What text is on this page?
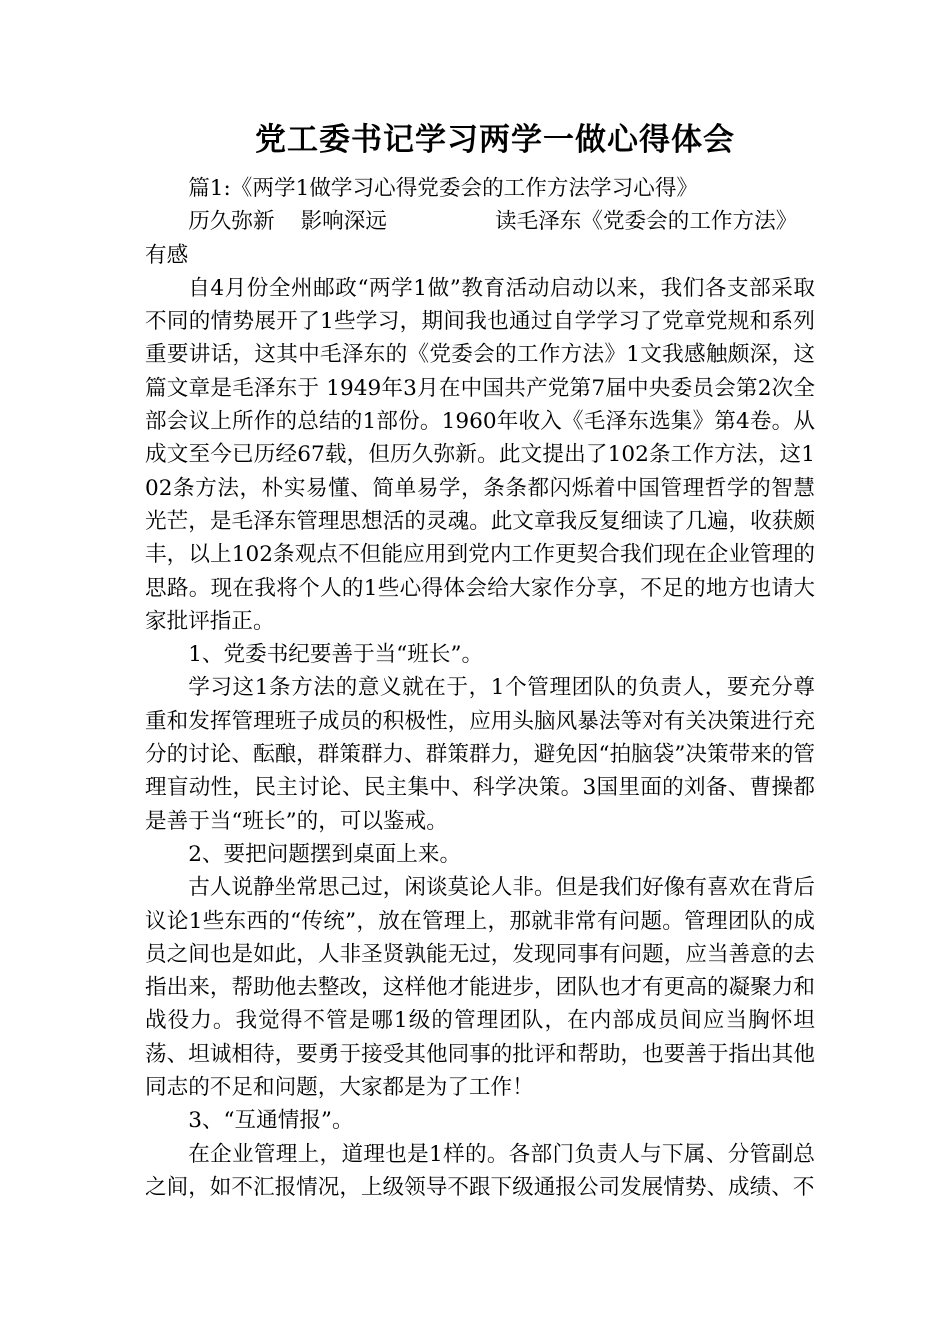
党工委书记学习两学一做心得体会

篇1:《两学1做学习心得党委会的工作方法学习心得》

历久弥新 影响深远	读毛泽东《党委会的工作方法》有感

自4月份全州邮政“两学1做”教育活动启动以来，我们各支部采取不同的情势展开了1些学习，期间我也通过自学学习了党章党规和系列重要讲话，这其中毛泽东的《党委会的工作方法》1文我感触颇深，这篇文章是毛泽东于 1949年3月在中国共产党第7届中央委员会第2次全部会议上所作的总结的1部份。1960年收入《毛泽东选集》第4卷。从成文至今已历经67载，但历久弥新。此文提出了102条工作方法，这102条方法，朴实易懂、简单易学，条条都闪烁着中国管理哲学的智慧光芒，是毛泽东管理思想活的灵魂。此文章我反复细读了几遍，收获颇丰，以上102条观点不但能应用到党内工作更契合我们现在企业管理的思路。现在我将个人的1些心得体会给大家作分享，不足的地方也请大家批评指正。

1、党委书纪要善于当“班长”。

学习这1条方法的意义就在于，1个管理团队的负责人，要充分尊重和发挥管理班子成员的积极性，应用头脑风暴法等对有关决策进行充分的讨论、酝酿，群策群力、群策群力，避免因“拍脑袋”决策带来的管理盲动性，民主讨论、民主集中、科学决策。3国里面的刘备、曹操都是善于当“班长”的，可以鉴戒。

2、要把问题摆到桌面上来。

古人说静坐常思己过，闲谈莫论人非。但是我们好像有喜欢在背后议论1些东西的“传统”，放在管理上，那就非常有问题。管理团队的成员之间也是如此，人非圣贤孰能无过，发现同事有问题，应当善意的去指出来，帮助他去整改，这样他才能进步，团队也才有更高的凝聚力和战役力。我觉得不管是哪1级的管理团队，在内部成员间应当胸怀坦荡、坦诚相待，要勇于接受其他同事的批评和帮助，也要善于指出其他同志的不足和问题，大家都是为了工作！

3、“互通情报”。

在企业管理上，道理也是1样的。各部门负责人与下属、分管副总之间，如不汇报情况，上级领导不跟下级通报公司发展情势、成绩、不
